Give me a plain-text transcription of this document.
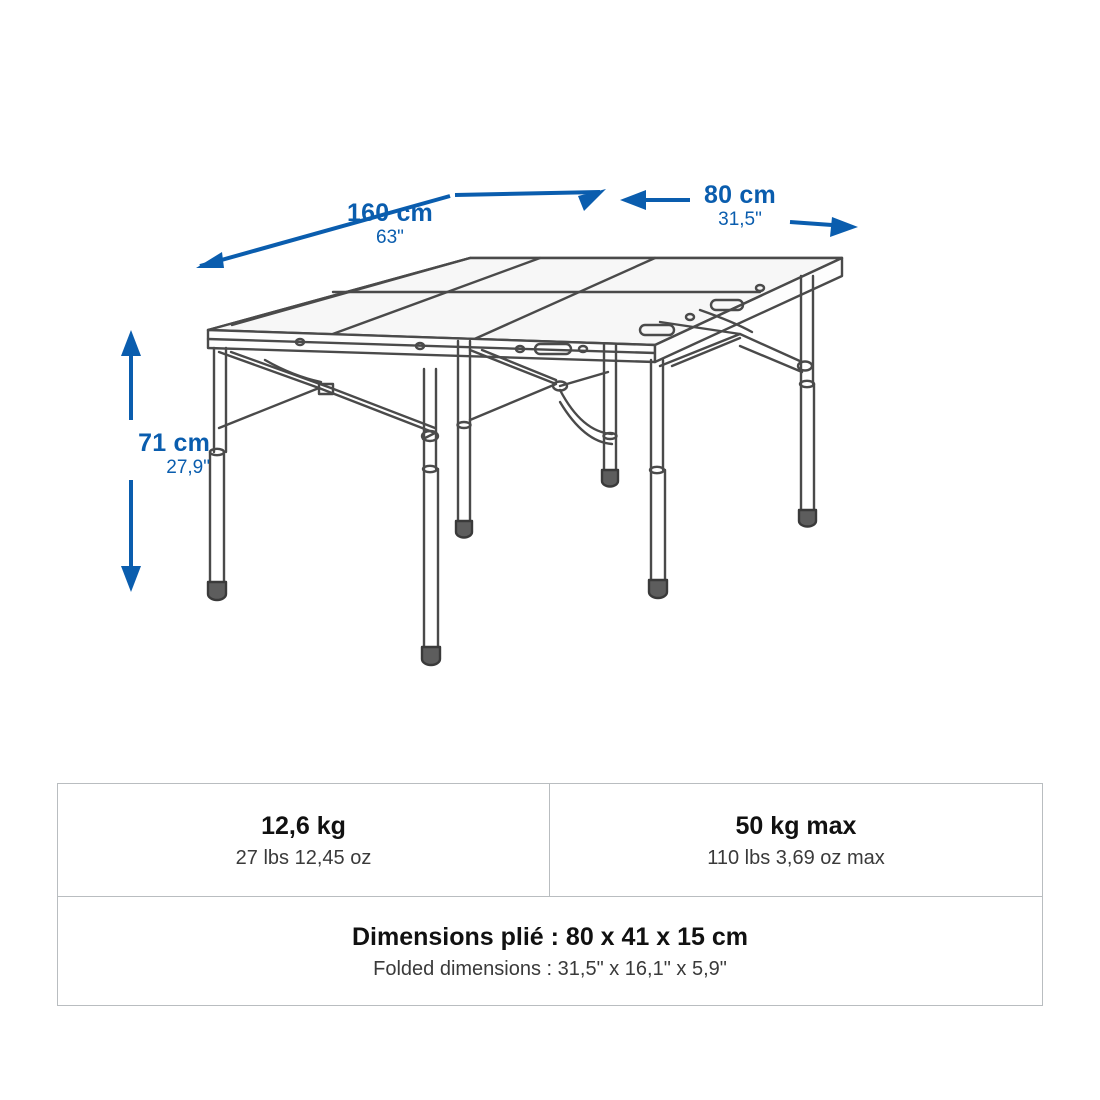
160 cm
63"
80 cm
31,5"
71 cm
27,9"
12,6 kg
27 lbs 12,45 oz
50 kg max
110 lbs 3,69 oz max
Dimensions plié : 80 x 41 x 15 cm
Folded dimensions : 31,5" x 16,1" x 5,9"
